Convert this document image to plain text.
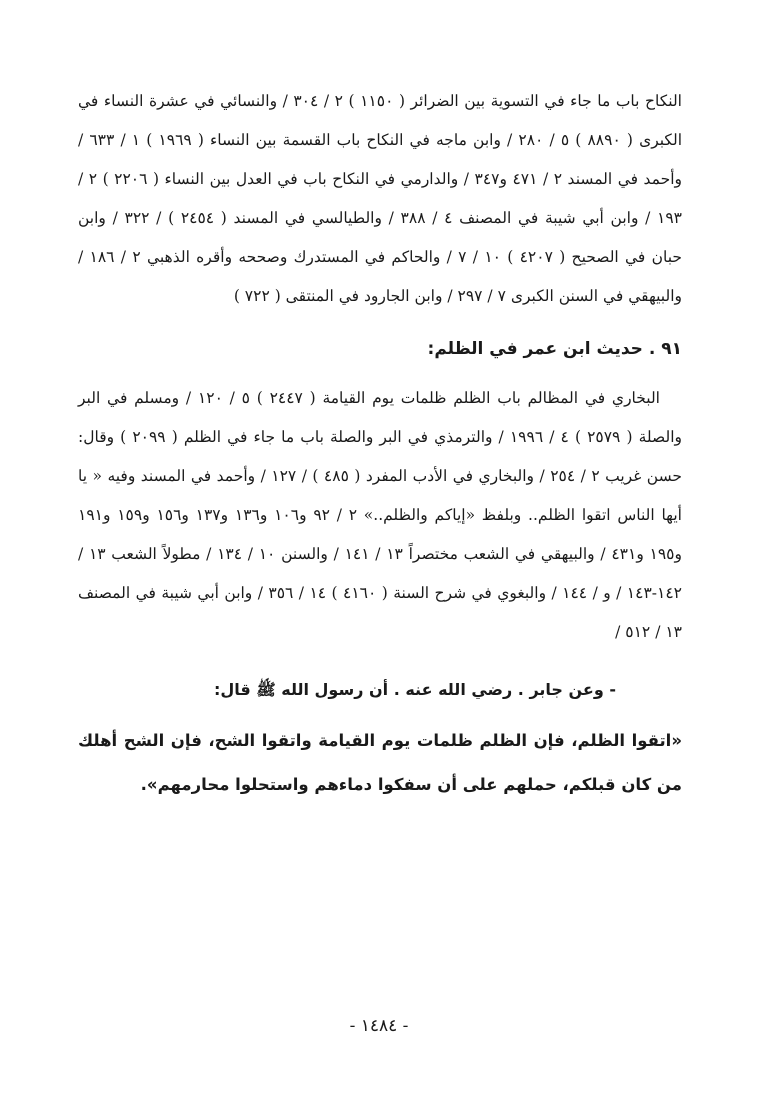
النكاح باب ما جاء في التسوية بين الضرائر ( ١١٥٠ ) ٢ / ٣٠٤ / والنسائي في عشرة النساء في الكبرى ( ٨٨٩٠ ) ٥ / ٢٨٠ / وابن ماجه في النكاح باب القسمة بين النساء ( ١٩٦٩ ) ١ / ٦٣٣ / وأحمد في المسند ٢ / ٤٧١ و٣٤٧ / والدارمي في النكاح باب في العدل بين النساء ( ٢٢٠٦ ) ٢ / ١٩٣ / وابن أبي شيبة في المصنف ٤ / ٣٨٨ / والطيالسي في المسند ( ٢٤٥٤ ) / ٣٢٢ / وابن حبان في الصحيح ( ٤٢٠٧ ) ١٠ / ٧ / والحاكم في المستدرك وصححه وأقره الذهبي ٢ / ١٨٦ / والبيهقي في السنن الكبرى ٧ / ٢٩٧ / وابن الجارود في المنتقى ( ٧٢٢ )

٩١ . حديث ابن عمر في الظلم:

البخاري في المظالم باب الظلم ظلمات يوم القيامة ( ٢٤٤٧ ) ٥ / ١٢٠ / ومسلم في البر والصلة ( ٢٥٧٩ ) ٤ / ١٩٩٦ / والترمذي في البر والصلة باب ما جاء في الظلم ( ٢٠٩٩ ) وقال: حسن غريب ٢ / ٢٥٤ / والبخاري في الأدب المفرد ( ٤٨٥ ) / ١٢٧ / وأحمد في المسند وفيه « يا أيها الناس اتقوا الظلم.. وبلفظ «إياكم والظلم..» ٢ / ٩٢ و١٠٦ و١٣٦ و١٣٧ و١٥٦ و١٥٩ و١٩١ و١٩٥ و٤٣١ / والبيهقي في الشعب مختصراً ١٣ / ١٤١ / والسنن ١٠ / ١٣٤ / مطولاً الشعب ١٣ / ١٤٢-١٤٣ / و / ١٤٤ / والبغوي في شرح السنة ( ٤١٦٠ ) ١٤ / ٣٥٦ / وابن أبي شيبة في المصنف ١٣ / ٥١٢ /

- وعن جابر . رضي الله عنه . أن رسول الله ﷺ قال:

«اتقوا الظلم، فإن الظلم ظلمات يوم القيامة واتقوا الشح، فإن الشح أهلك من كان قبلكم، حملهم على أن سفكوا دماءهم واستحلوا محارمهم».

- ١٤٨٤ -
